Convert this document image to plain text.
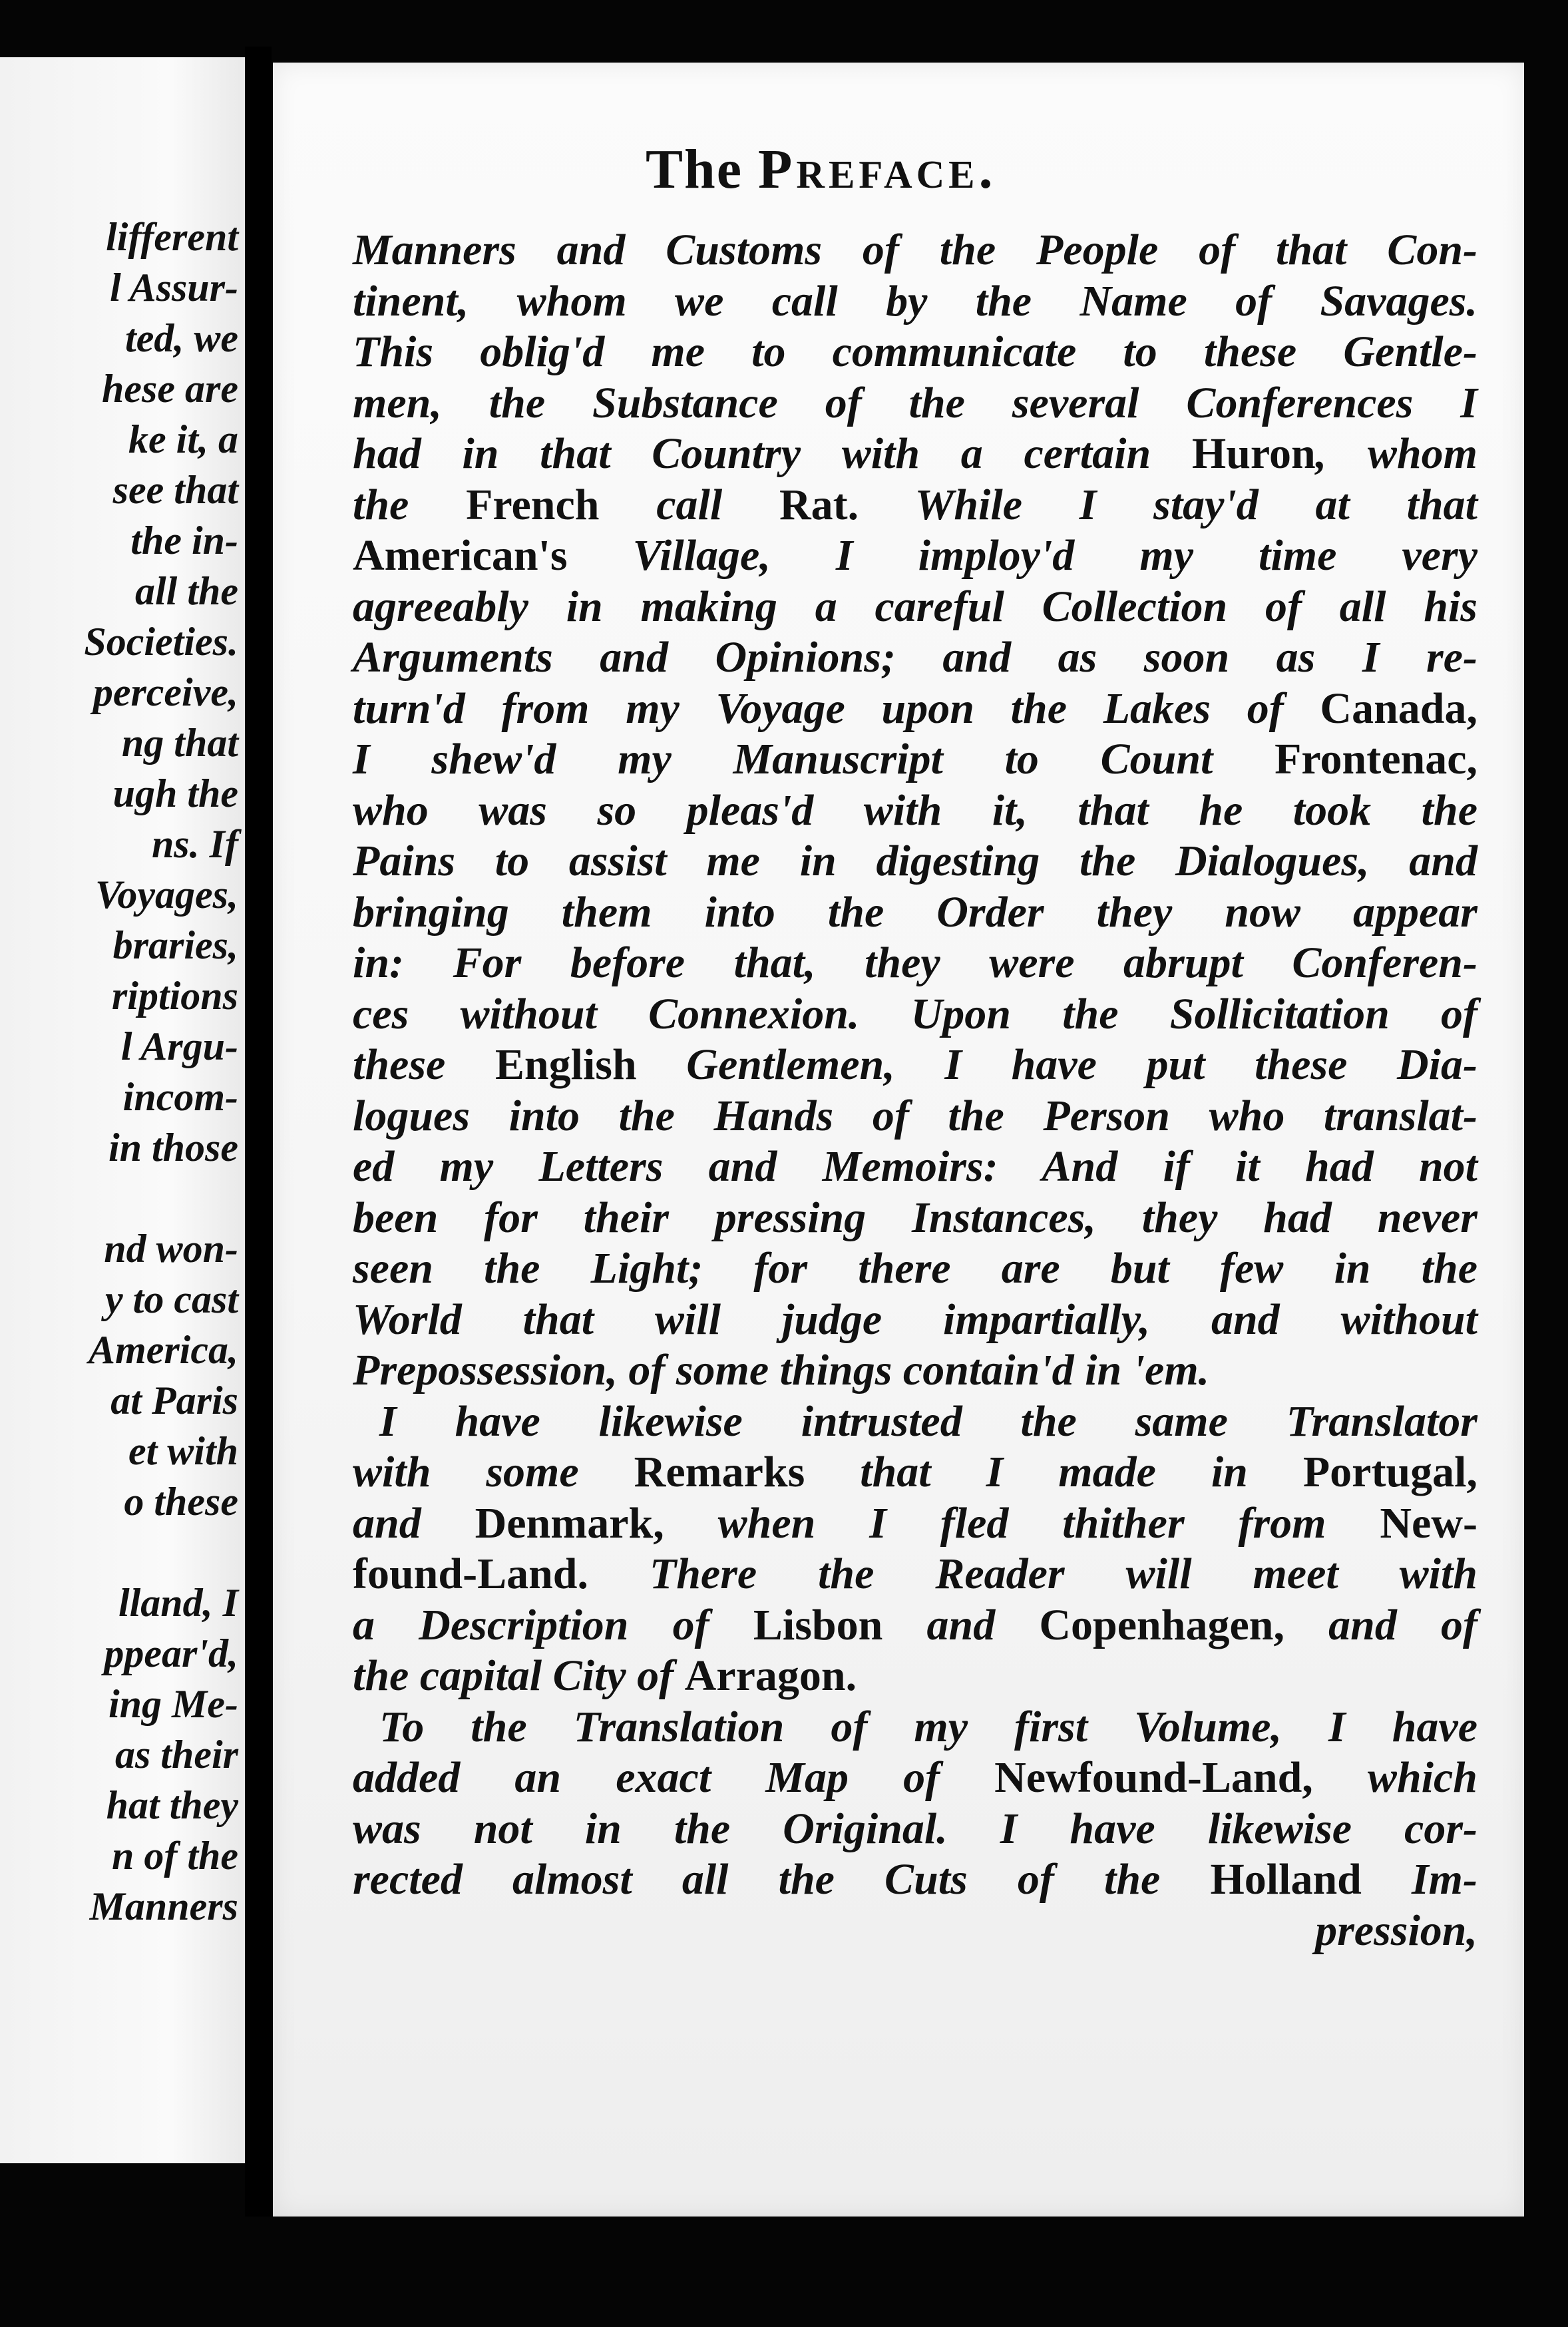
lifferent
l Assur-
ted, we
hese are
ke it, a
see that
the in-
all the
Societies.
perceive,
ng that
ugh the
ns. If
Voyages,
braries,
riptions
l Argu-
incom-
in those
nd won-
y to cast
America,
at Paris
et with
o these
lland, I
ppear'd,
ing Me-
as their
hat they
n of the
Manners
The Preface.
Manners and Customs of the People of that Con-
tinent, whom we call by the Name of Savages.
This oblig'd me to communicate to these Gentle-
men, the Substance of the several Conferences I
had in that Country with a certain Huron, whom
the French call Rat. While I stay'd at that
American's Village, I imploy'd my time very
agreeably in making a careful Collection of all his
Arguments and Opinions; and as soon as I re-
turn'd from my Voyage upon the Lakes of Canada,
I shew'd my Manuscript to Count Frontenac,
who was so pleas'd with it, that he took the
Pains to assist me in digesting the Dialogues, and
bringing them into the Order they now appear
in: For before that, they were abrupt Conferen-
ces without Connexion. Upon the Sollicitation of
these English Gentlemen, I have put these Dia-
logues into the Hands of the Person who translat-
ed my Letters and Memoirs: And if it had not
been for their pressing Instances, they had never
seen the Light; for there are but few in the
World that will judge impartially, and without
Prepossession, of some things contain'd in 'em.
I have likewise intrusted the same Translator
with some Remarks that I made in Portugal,
and Denmark, when I fled thither from New-
found-Land. There the Reader will meet with
a Description of Lisbon and Copenhagen, and of
the capital City of Arragon.
To the Translation of my first Volume, I have
added an exact Map of Newfound-Land, which
was not in the Original. I have likewise cor-
rected almost all the Cuts of the Holland Im-
pression,
